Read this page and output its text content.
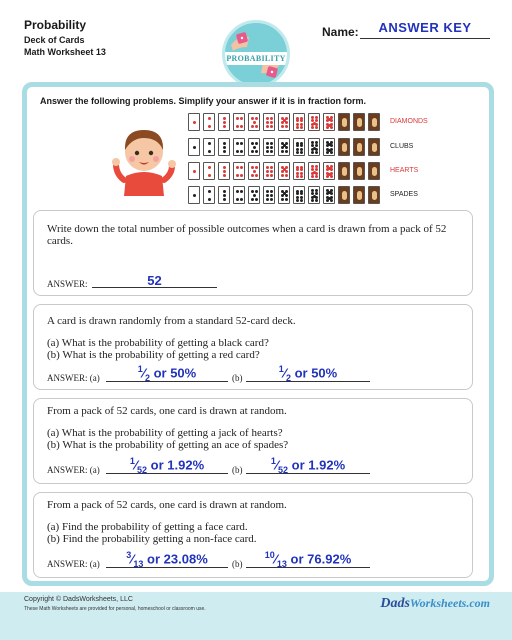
Probability
Deck of Cards
Math Worksheet 13
PROBABILITY
Name:	ANSWER KEY
Answer the following problems. Simplify your answer if it is in fraction form.
DIAMONDS
CLUBS
HEARTS
SPADES
Write down the total number of possible outcomes when a card is drawn from a pack of 52 cards.
ANSWER:	52
A card is drawn randomly from a standard 52-card deck.
(a) What is the probability of getting a black card?
(b) What is the probability of getting a red card?
ANSWER: (a)
$^1⁄_2$ or 50%	(b)
$^1⁄_2$ or 50%
From a pack of 52 cards, one card is drawn at random.
(a) What is the probability of getting a jack of hearts?
(b) What is the probability of getting an ace of spades?
ANSWER: (a)
$^1⁄_{52}$ or 1.92%	(b)
$^1⁄_{52}$ or 1.92%
From a pack of 52 cards, one card is drawn at random.
(a) Find the probability of getting a face card.
(b) Find the probability getting a non-face card.
ANSWER: (a)
$^3⁄_{13}$ or 23.08%	(b)
$^{10}⁄_{13}$ or 76.92%
Copyright © DadsWorksheets, LLC
These Math Worksheets are provided for personal, homeschool or classroom use.	DadsWorksheets.com
